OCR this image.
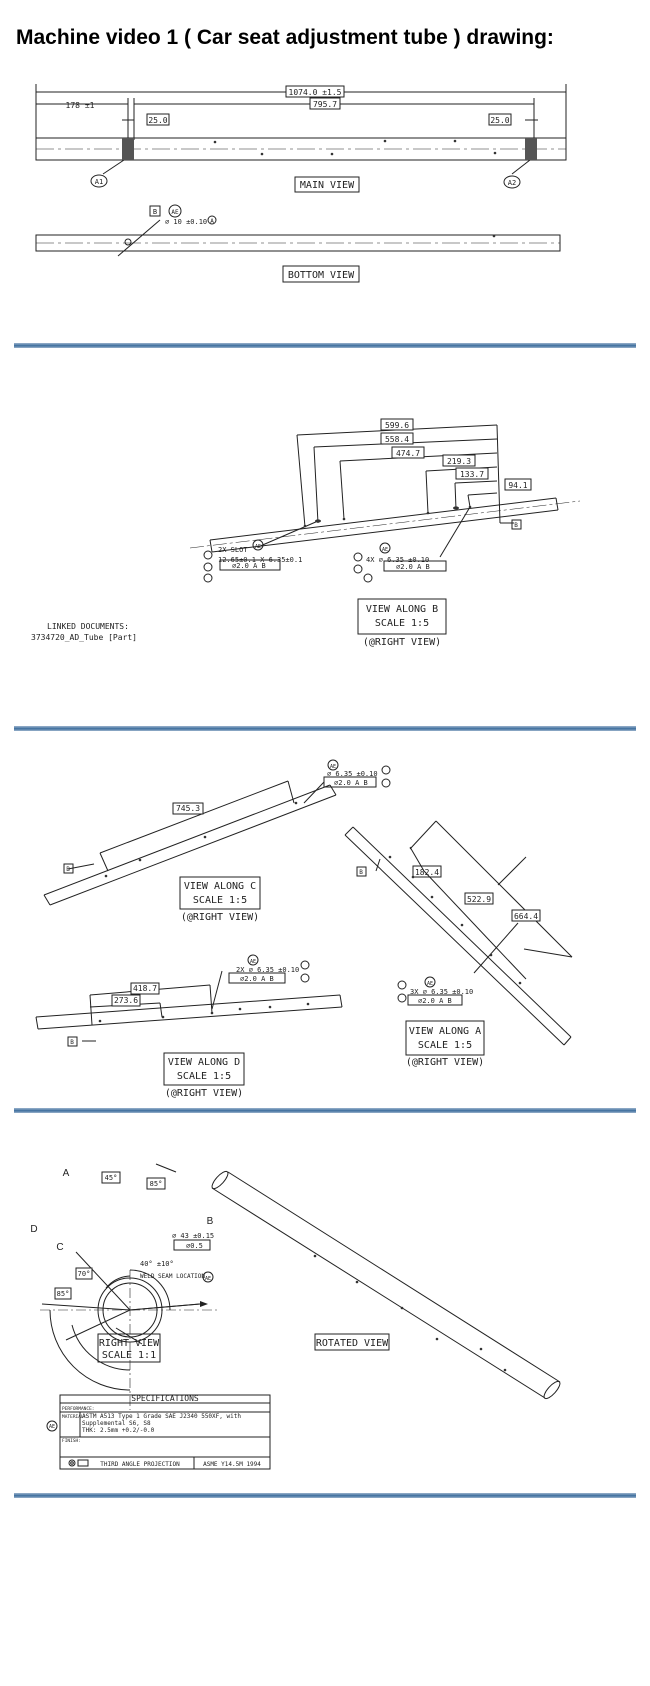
Machine video 1 ( Car seat adjustment tube ) drawing:
1074.0 ±1.5
178 ±1	795.7
25.0	25.0
A1	A2
MAIN VIEW
BOTTOM VIEW
B AE
∅ 10 ±0.10 A
599.6
558.4
474.7
219.3
133.7
94.1
B
2X SLOT AE
12.65±0.1 X 6.35±0.1
∅2.0 A B
4X ∅ 6.35 ±0.10
AE
∅2.0 A B
VIEW ALONG B
SCALE 1:5
(@RIGHT VIEW)
LINKED DOCUMENTS:
3734720_AD_Tube [Part]
745.3
AE
∅ 6.35 ±0.10
∅2.0 A B
B
VIEW ALONG C
SCALE 1:5
(@RIGHT VIEW)
B	182.4
522.9
664.4
AE
3X ∅ 6.35 ±0.10
∅2.0 A B
VIEW ALONG A
SCALE 1:5
(@RIGHT VIEW)
418.7
273.6
AE
2X ∅ 6.35 ±0.10
∅2.0 A B
B
VIEW ALONG D
SCALE 1:5
(@RIGHT VIEW)
45°
85°
70°
85°
A
B
C
D
∅ 43 ±0.15
∅0.5
40° ±10°
WELD SEAM LOCATION AE
RIGHT VIEW
SCALE 1:1
ROTATED VIEW
SPECIFICATIONS
PERFORMANCE:
MATERIAL:
ASTM A513 Type 1 Grade SAE J2340 550XF, with
Supplemental S6, S8
THK: 2.5mm +0.2/-0.0
FINISH:
AE
THIRD ANGLE PROJECTION	ASME Y14.5M 1994
